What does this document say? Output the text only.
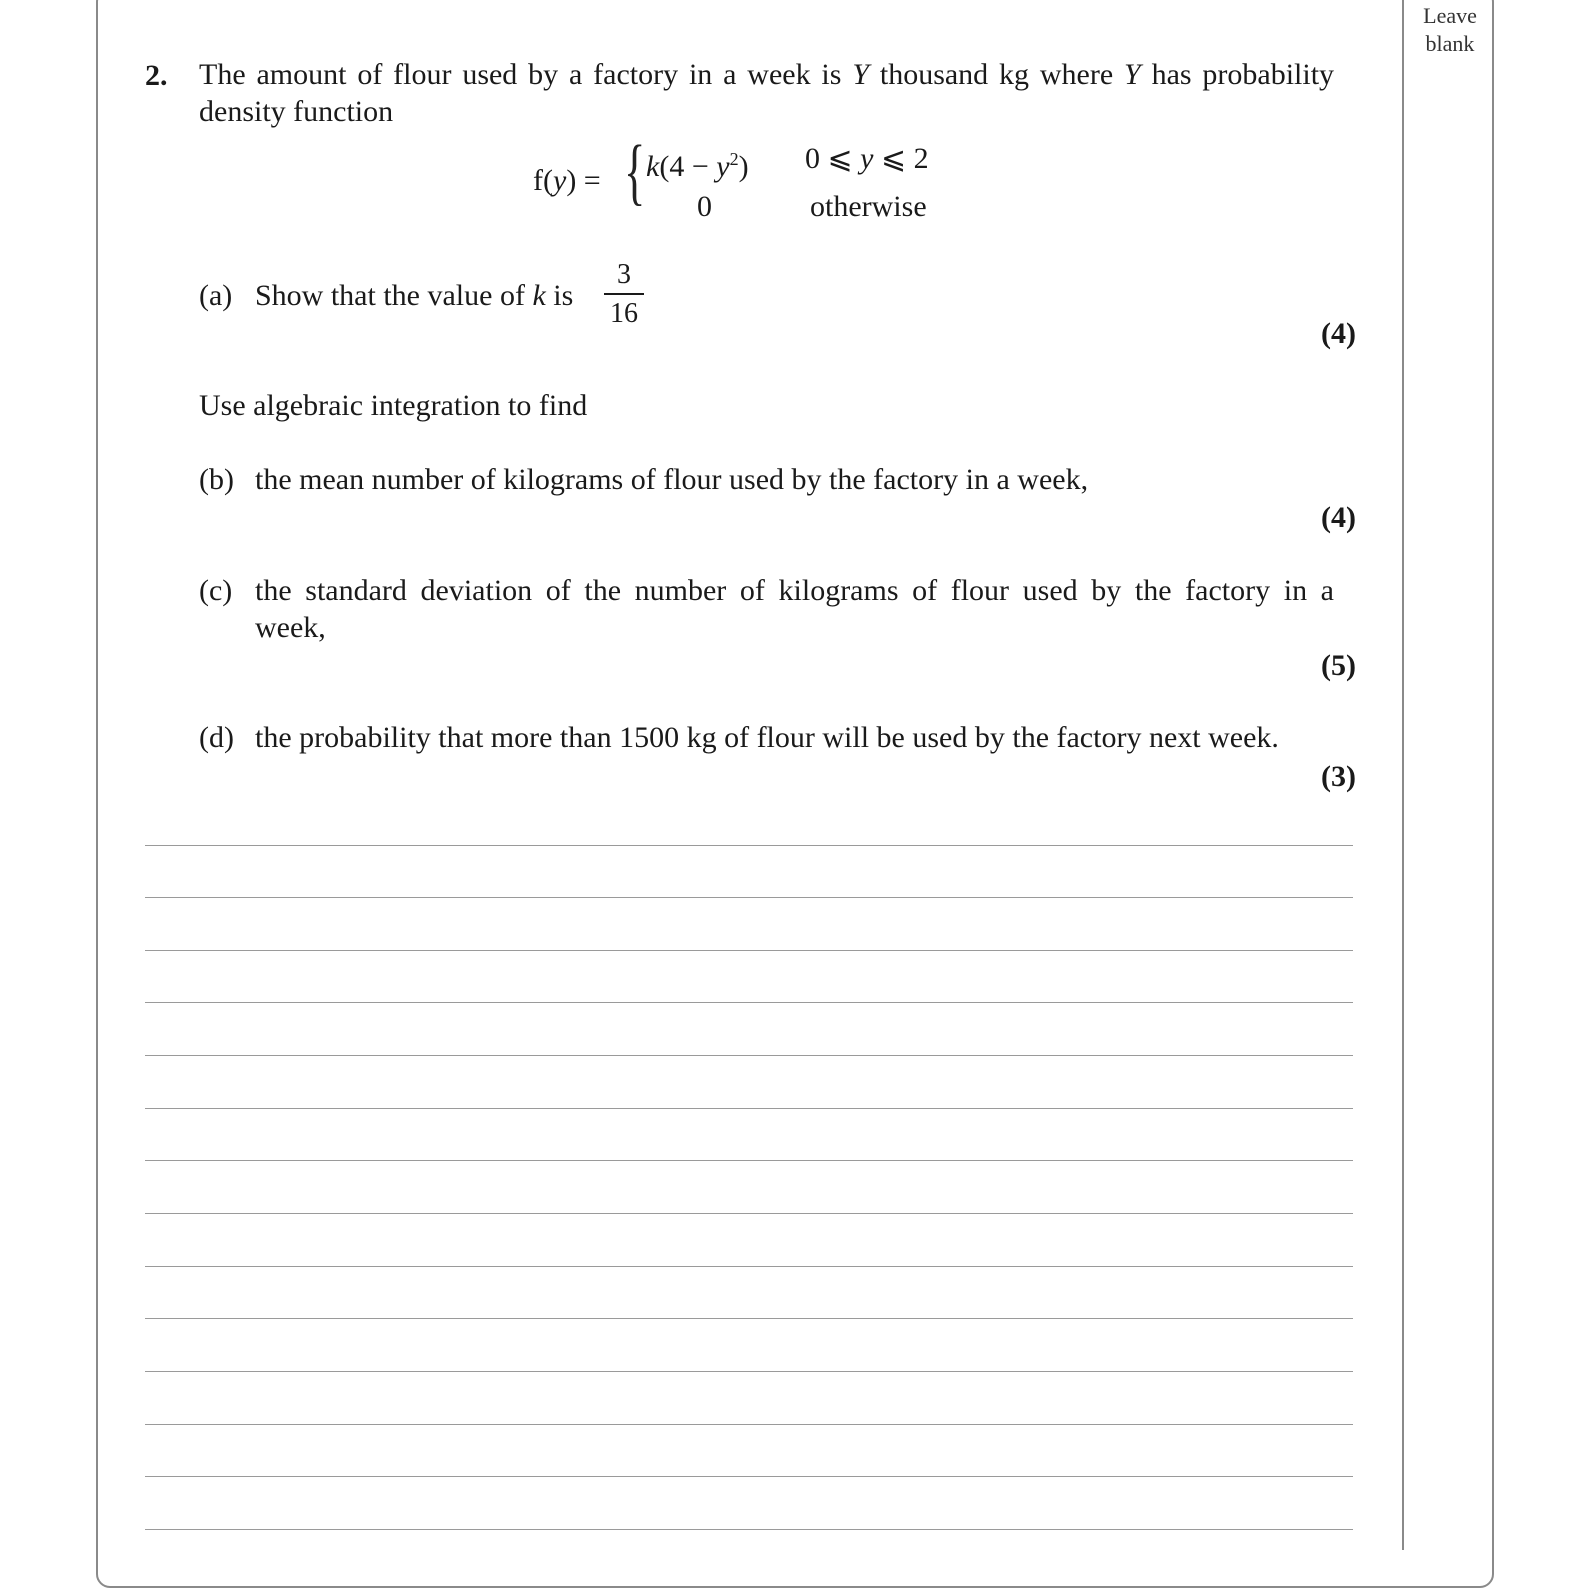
Leave
blank
2. The amount of flour used by a factory in a week is Y thousand kg where Y has probability
density function
f(y) = { $k(4 - y^2)$ 0 ⩽ y ⩽ 2
0	otherwise
(a) Show that the value of k is
3
16
(4)
Use algebraic integration to find
(b) the mean number of kilograms of flour used by the factory in a week,
(4)
(c) the standard deviation of the number of kilograms of flour used by the factory in a
week,
(5)
(d) the probability that more than 1500 kg of flour will be used by the factory next week.
(3)
